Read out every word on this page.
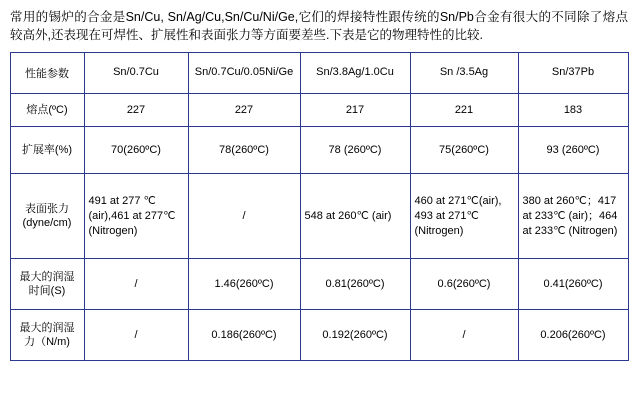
常用的锡炉的合金是Sn/Cu, Sn/Ag/Cu,Sn/Cu/Ni/Ge,它们的焊接特性跟传统的Sn/Pb合金有很大的不同除了熔点较高外,还表现在可焊性、扩展性和表面张力等方面要差些.下表是它的物理特性的比较.

性能参数	Sn/0.7Cu	Sn/0.7Cu/0.05Ni/Ge	Sn/3.8Ag/1.0Cu	Sn /3.5Ag	Sn/37Pb
熔点(ºC)	227	227	217	221	183
扩展率(%)	70(260ºC)	78(260ºC)	78 (260ºC)	75(260ºC)	93 (260ºC)
表面张力(dyne/cm)	491 at 277 ℃(air),461 at 277℃ (Nitrogen)	/	548 at 260℃ (air)	460 at 271℃(air), 493 at 271℃ (Nitrogen)	380 at 260℃；417 at 233℃ (air)；464 at 233℃ (Nitrogen)
最大的润湿时间(S)	/	1.46(260ºC)	0.81(260ºC)	0.6(260ºC)	0.41(260ºC)
最大的润湿力（N/m)	/	0.186(260ºC)	0.192(260ºC)	/	0.206(260ºC)
